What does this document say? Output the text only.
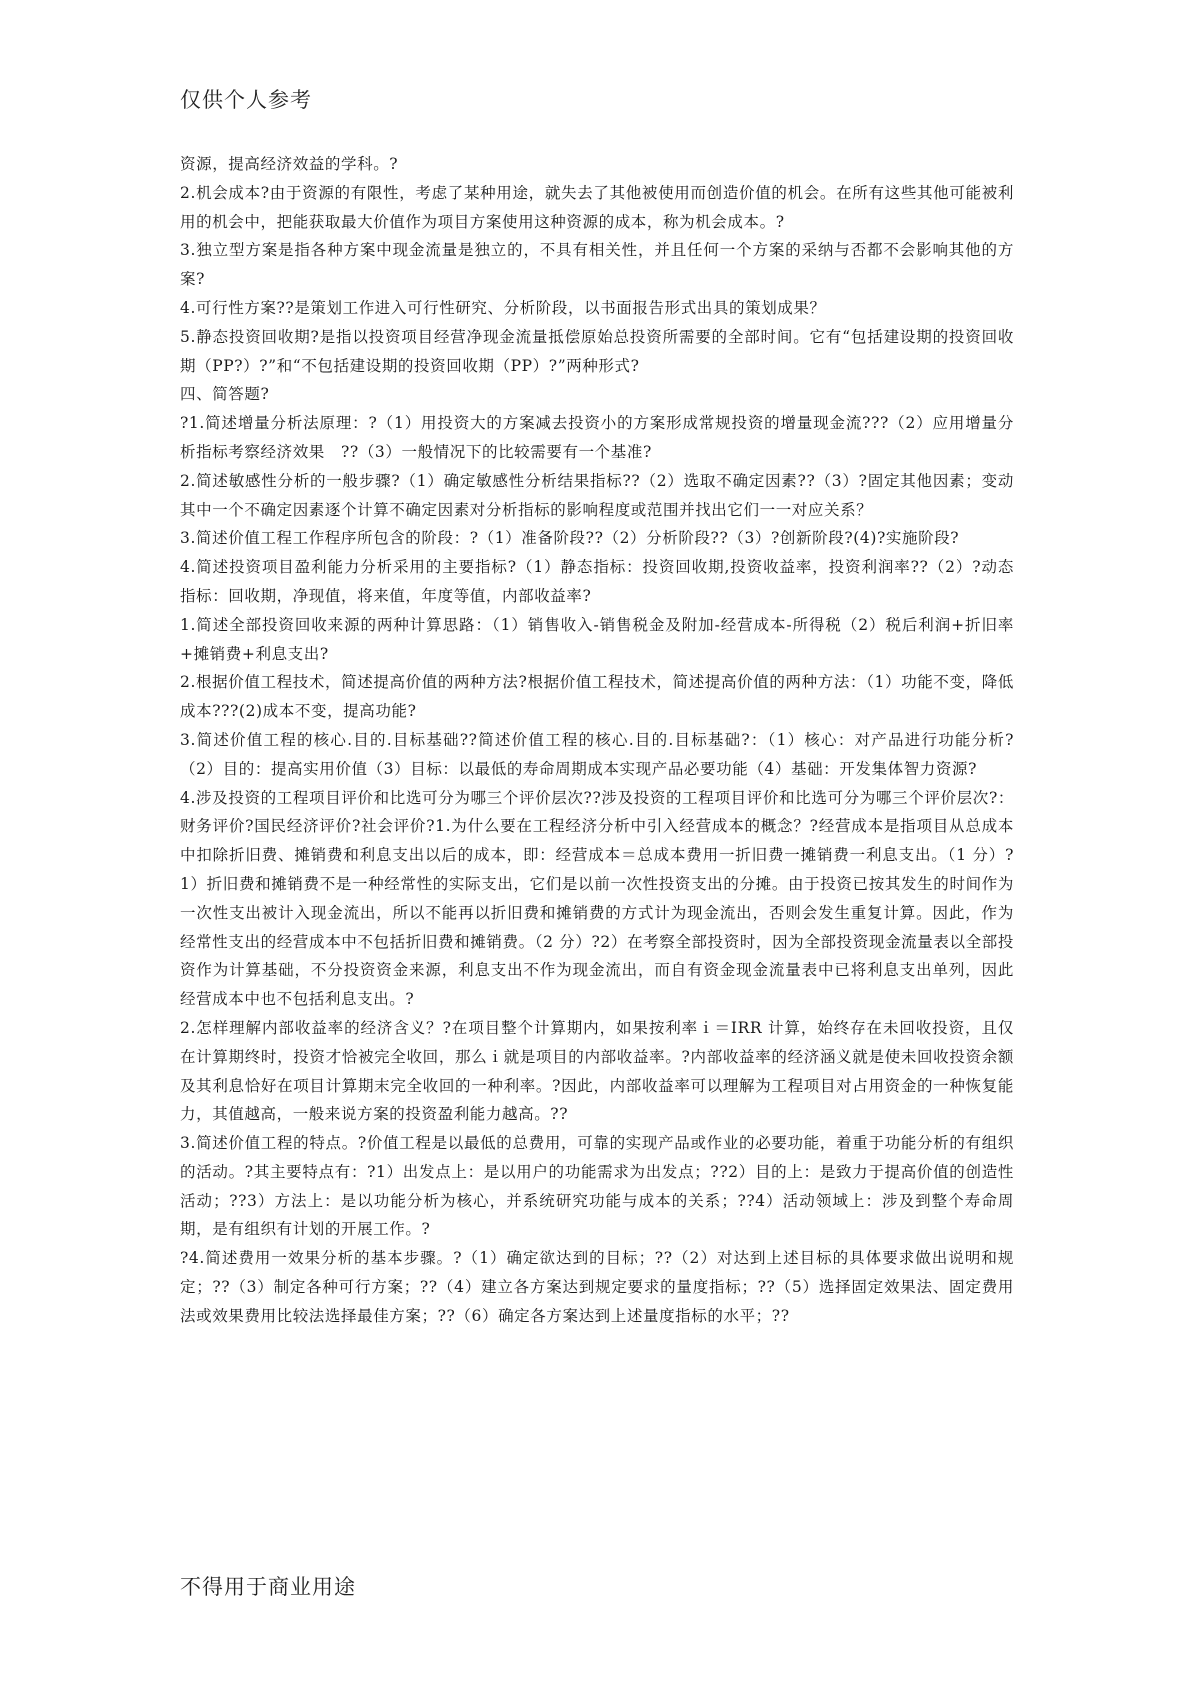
仅供个人参考

资源，提高经济效益的学科。?

2.机会成本?由于资源的有限性，考虑了某种用途，就失去了其他被使用而创造价值的机会。在所有这些其他可能被利用的机会中，把能获取最大价值作为项目方案使用这种资源的成本，称为机会成本。?

3.独立型方案是指各种方案中现金流量是独立的，不具有相关性，并且任何一个方案的采纳与否都不会影响其他的方案?

4.可行性方案??是策划工作进入可行性研究、分析阶段，以书面报告形式出具的策划成果？

5.静态投资回收期?是指以投资项目经营净现金流量抵偿原始总投资所需要的全部时间。它有“包括建设期的投资回收期（PP?）?”和“不包括建设期的投资回收期（PP）?”两种形式?

四、简答题?

?1.简述增量分析法原理：?（1）用投资大的方案减去投资小的方案形成常规投资的增量现金流???（2）应用增量分析指标考察经济效果　??（3）一般情况下的比较需要有一个基准?

2.简述敏感性分析的一般步骤?（1）确定敏感性分析结果指标??（2）选取不确定因素??（3）?固定其他因素；变动其中一个不确定因素逐个计算不确定因素对分析指标的影响程度或范围并找出它们一一对应关系？

3.简述价值工程工作程序所包含的阶段：?（1）准备阶段??（2）分析阶段??（3）?创新阶段?(4)?实施阶段?

4.简述投资项目盈利能力分析采用的主要指标?（1）静态指标：投资回收期,投资收益率，投资利润率??（2）?动态指标：回收期，净现值，将来值，年度等值，内部收益率?

1.简述全部投资回收来源的两种计算思路：（1）销售收入-销售税金及附加-经营成本-所得税（2）税后利润+折旧率+摊销费+利息支出?

2.根据价值工程技术，简述提高价值的两种方法?根据价值工程技术，简述提高价值的两种方法：（1）功能不变，降低成本???(2)成本不变，提高功能?

3.简述价值工程的核心.目的.目标基础??简述价值工程的核心.目的.目标基础?：（1）核心：对产品进行功能分析?（2）目的：提高实用价值（3）目标：以最低的寿命周期成本实现产品必要功能（4）基础：开发集体智力资源?

4.涉及投资的工程项目评价和比选可分为哪三个评价层次??涉及投资的工程项目评价和比选可分为哪三个评价层次?：财务评价?国民经济评价?社会评价?1.为什么要在工程经济分析中引入经营成本的概念？?经营成本是指项目从总成本中扣除折旧费、摊销费和利息支出以后的成本，即：经营成本＝总成本费用一折旧费一摊销费一利息支出。（1 分）?1）折旧费和摊销费不是一种经常性的实际支出，它们是以前一次性投资支出的分摊。由于投资已按其发生的时间作为一次性支出被计入现金流出，所以不能再以折旧费和摊销费的方式计为现金流出，否则会发生重复计算。因此，作为经常性支出的经营成本中不包括折旧费和摊销费。（2 分）?2）在考察全部投资时，因为全部投资现金流量表以全部投资作为计算基础，不分投资资金来源，利息支出不作为现金流出，而自有资金现金流量表中已将利息支出单列，因此经营成本中也不包括利息支出。?

2.怎样理解内部收益率的经济含义？?在项目整个计算期内，如果按利率ｉ＝IRR 计算，始终存在未回收投资，且仅在计算期终时，投资才恰被完全收回，那么ｉ就是项目的内部收益率。?内部收益率的经济涵义就是使未回收投资余额及其利息恰好在项目计算期末完全收回的一种利率。?因此，内部收益率可以理解为工程项目对占用资金的一种恢复能力，其值越高，一般来说方案的投资盈利能力越高。??

3.简述价值工程的特点。?价值工程是以最低的总费用，可靠的实现产品或作业的必要功能，着重于功能分析的有组织的活动。?其主要特点有：?1）出发点上：是以用户的功能需求为出发点；??2）目的上：是致力于提高价值的创造性活动；??3）方法上：是以功能分析为核心，并系统研究功能与成本的关系；??4）活动领域上：涉及到整个寿命周期，是有组织有计划的开展工作。?

?4.简述费用一效果分析的基本步骤。?（1）确定欲达到的目标；??（2）对达到上述目标的具体要求做出说明和规定；??（3）制定各种可行方案；??（4）建立各方案达到规定要求的量度指标；??（5）选择固定效果法、固定费用法或效果费用比较法选择最佳方案；??（6）确定各方案达到上述量度指标的水平；??

不得用于商业用途
